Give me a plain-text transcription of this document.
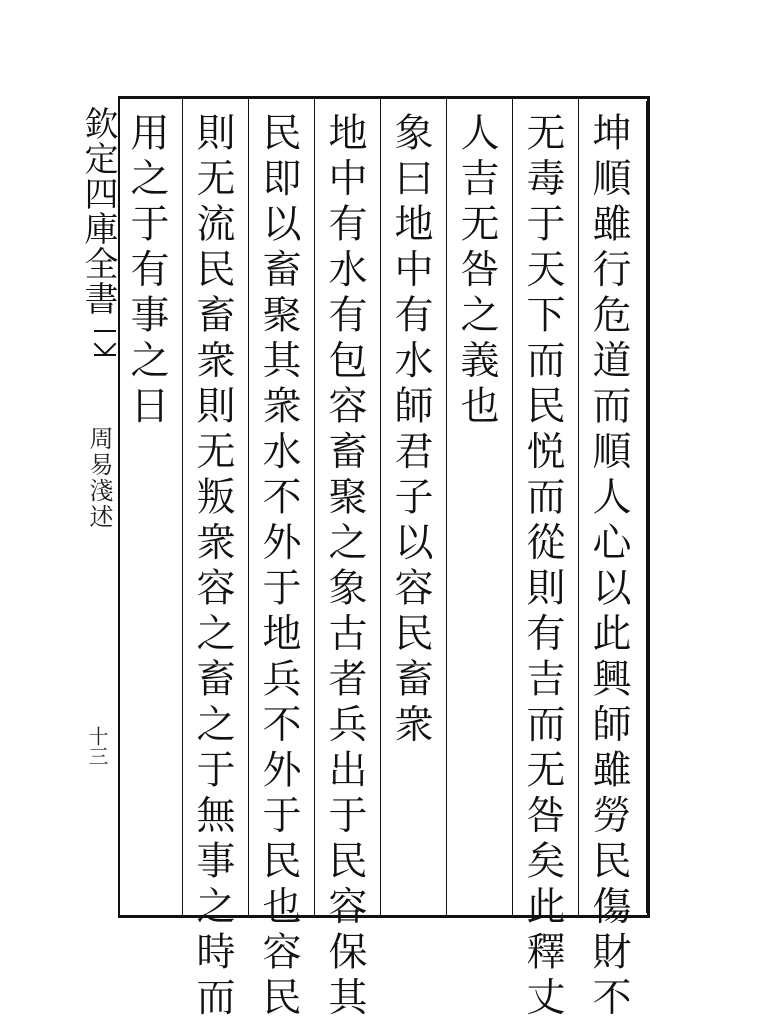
欽定四庫全書
周易淺述
十三	坤順雖行危道而順人心以此興師雖勞民傷財不
无毒于天下而民悦而從則有吉而无咎矣此釋丈
人吉无咎之義也
象曰地中有水師君子以容民畜衆
地中有水有包容畜聚之象古者兵出于民容保其
民即以畜聚其衆水不外于地兵不外于民也容民
則无流民畜衆則无叛衆容之畜之于無事之時而
用之于有事之日
